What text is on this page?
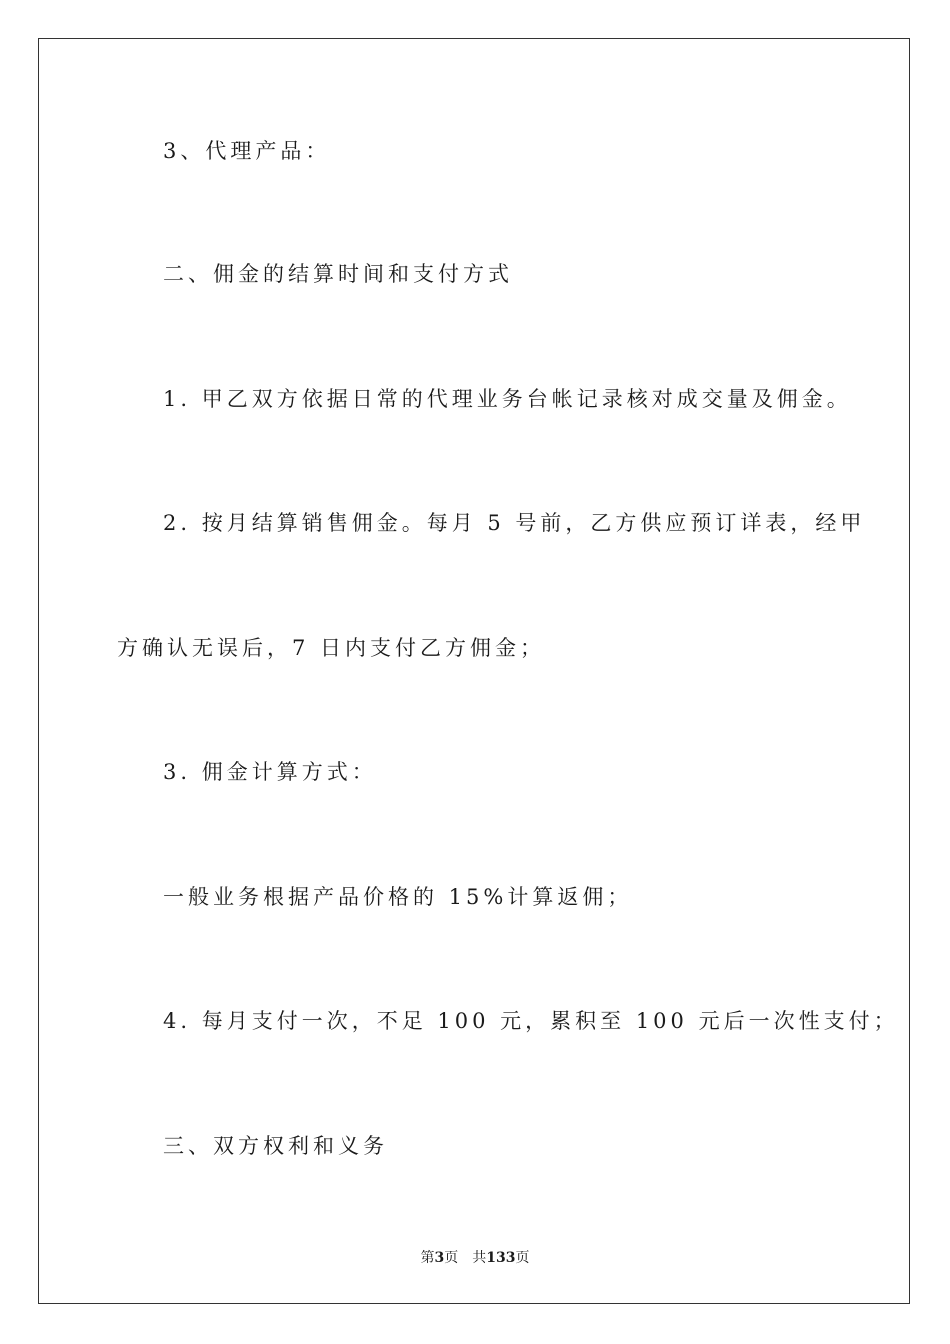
3、代理产品：
二、佣金的结算时间和支付方式
1. 甲乙双方依据日常的代理业务台帐记录核对成交量及佣金。
2. 按月结算销售佣金。每月 5 号前，乙方供应预订详表，经甲
方确认无误后，7 日内支付乙方佣金；
3. 佣金计算方式：
一般业务根据产品价格的 15%计算返佣；
4. 每月支付一次，不足 100 元，累积至 100 元后一次性支付；
三、双方权利和义务
第3页 共133页
